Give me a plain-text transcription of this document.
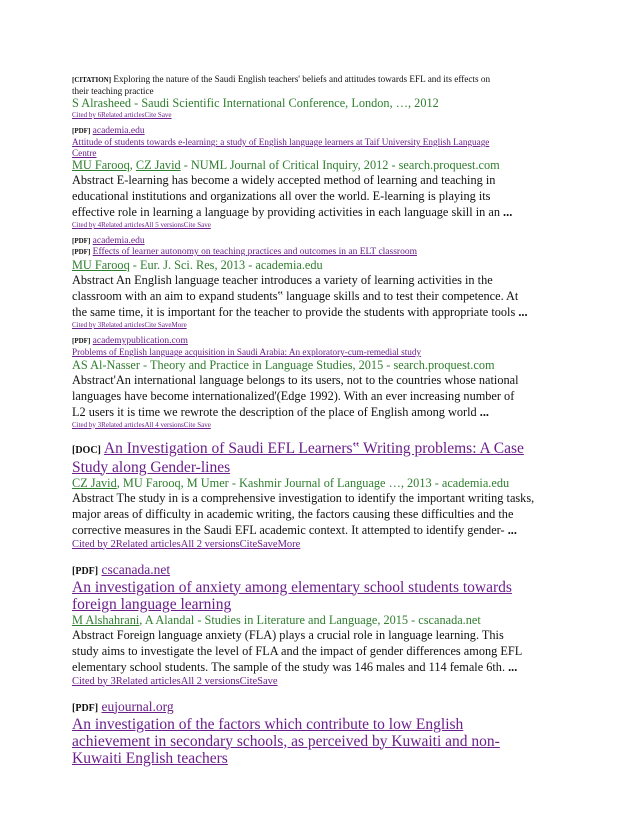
[CITATION] Exploring the nature of the Saudi English teachers' beliefs and attitudes towards EFL and its effects on
their teaching practice
S Alrasheed - Saudi Scientific International Conference, London, …, 2012
Cited by 6Related articlesCite Save
[PDF] academia.edu
Attitude of students towards e-learning: a study of English language learners at Taif University English Language
Centre
MU Farooq, CZ Javid - NUML Journal of Critical Inquiry, 2012 - search.proquest.com
Abstract E-learning has become a widely accepted method of learning and teaching in
educational institutions and organizations all over the world. E-learning is playing its
effective role in learning a language by providing activities in each language skill in an ...
Cited by 4Related articlesAll 5 versionsCite Save
[PDF] academia.edu
[PDF] Effects of learner autonomy on teaching practices and outcomes in an ELT classroom
MU Farooq - Eur. J. Sci. Res, 2013 - academia.edu
Abstract An English language teacher introduces a variety of learning activities in the
classroom with an aim to expand students‟ language skills and to test their competence. At
the same time, it is important for the teacher to provide the students with appropriate tools ...
Cited by 3Related articlesCite SaveMore
[PDF] academypublication.com
Problems of English language acquisition in Saudi Arabia: An exploratory-cum-remedial study
AS Al-Nasser - Theory and Practice in Language Studies, 2015 - search.proquest.com
Abstract'An international language belongs to its users, not to the countries whose national
languages have become internationalized'(Edge 1992). With an ever increasing number of
L2 users it is time we rewrote the description of the place of English among world ...
Cited by 3Related articlesAll 4 versionsCite Save
[DOC] An Investigation of Saudi EFL Learners‟ Writing problems: A Case
Study along Gender-lines
CZ Javid, MU Farooq, M Umer - Kashmir Journal of Language …, 2013 - academia.edu
Abstract The study in is a comprehensive investigation to identify the important writing tasks,
major areas of difficulty in academic writing, the factors causing these difficulties and the
corrective measures in the Saudi EFL academic context. It attempted to identify gender- ...
Cited by 2Related articlesAll 2 versionsCiteSaveMore
[PDF] cscanada.net
An investigation of anxiety among elementary school students towards
foreign language learning
M Alshahrani, A Alandal - Studies in Literature and Language, 2015 - cscanada.net
Abstract Foreign language anxiety (FLA) plays a crucial role in language learning. This
study aims to investigate the level of FLA and the impact of gender differences among EFL
elementary school students. The sample of the study was 146 males and 114 female 6th. ...
Cited by 3Related articlesAll 2 versionsCiteSave
[PDF] eujournal.org
An investigation of the factors which contribute to low English
achievement in secondary schools, as perceived by Kuwaiti and non-
Kuwaiti English teachers
